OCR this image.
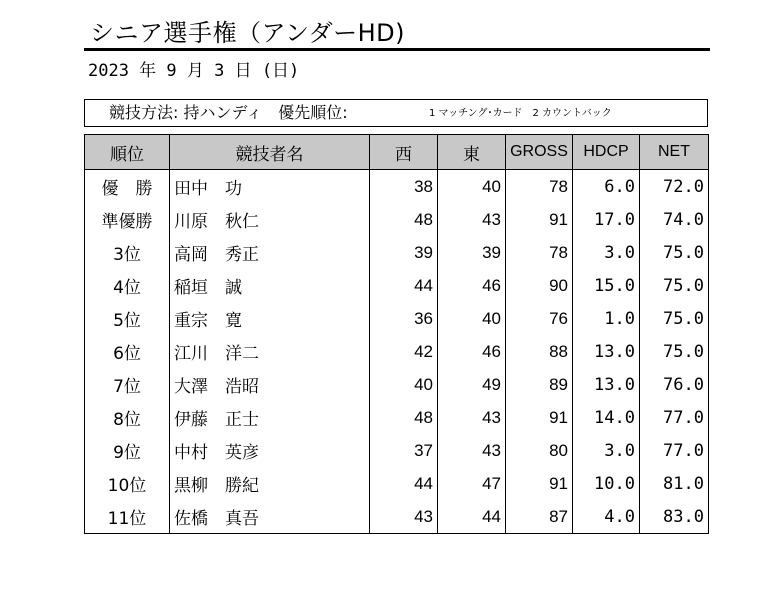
シニア選手権（アンダーHD)
2023 年 9 月 3 日 (日)
競技方法: 持ハンディ　優先順位:	1 マッチング･カード　2 カウントバック
順位	競技者名	西	東	GROSS	HDCP	NET
優　勝	田中　功	38	40	78	6.0	72.0
準優勝	川原　秋仁	48	43	91	17.0	74.0
3位	高岡　秀正	39	39	78	3.0	75.0
4位	稲垣　誠	44	46	90	15.0	75.0
5位	重宗　寛	36	40	76	1.0	75.0
6位	江川　洋二	42	46	88	13.0	75.0
7位	大澤　浩昭	40	49	89	13.0	76.0
8位	伊藤　正士	48	43	91	14.0	77.0
9位	中村　英彦	37	43	80	3.0	77.0
10位	黒柳　勝紀	44	47	91	10.0	81.0
11位	佐橋　真吾	43	44	87	4.0	83.0
